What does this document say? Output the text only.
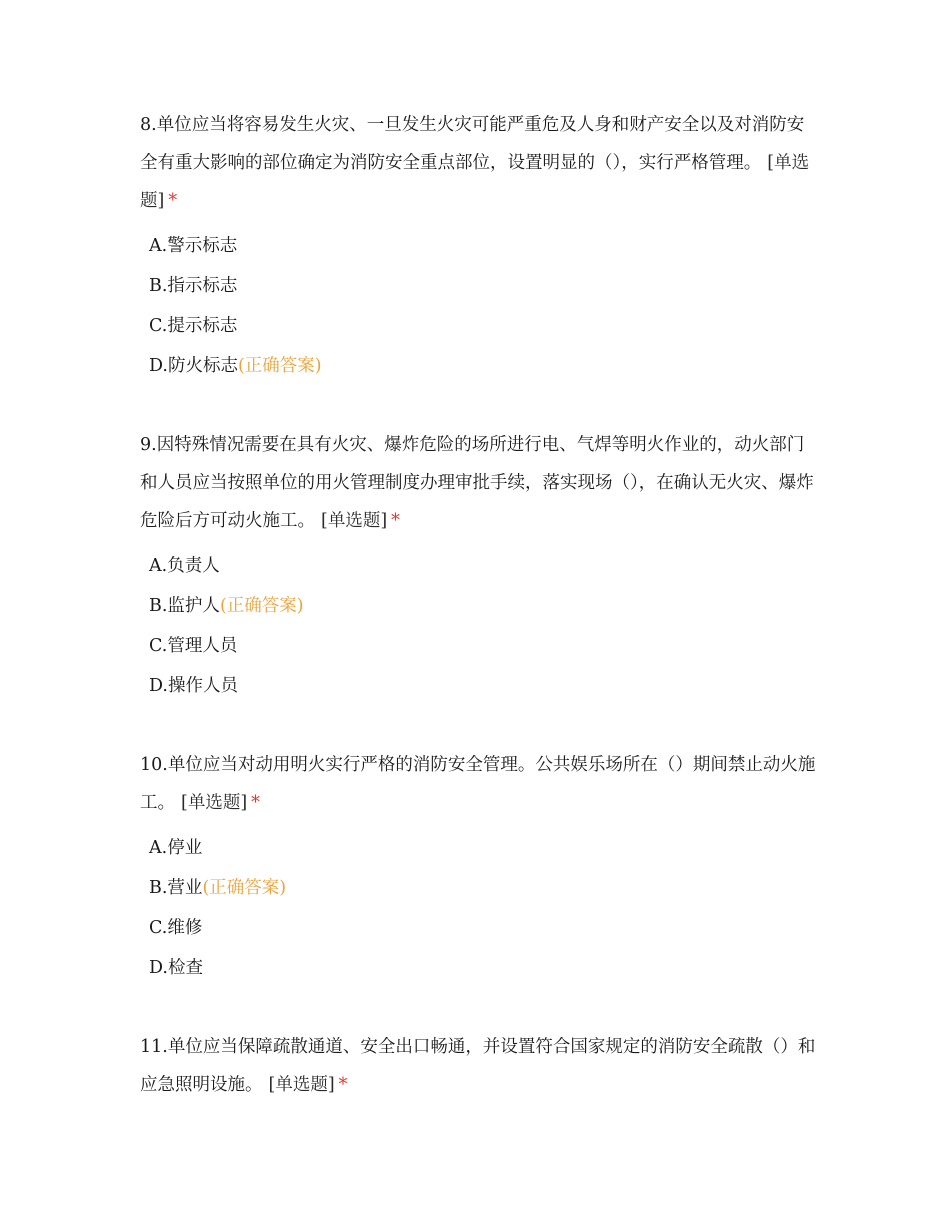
8.单位应当将容易发生火灾、一旦发生火灾可能严重危及人身和财产安全以及对消防安全有重大影响的部位确定为消防安全重点部位，设置明显的（），实行严格管理。 [单选题] *

A.警示标志
B.指示标志
C.提示标志
D.防火标志(正确答案)

9.因特殊情况需要在具有火灾、爆炸危险的场所进行电、气焊等明火作业的，动火部门和人员应当按照单位的用火管理制度办理审批手续，落实现场（），在确认无火灾、爆炸危险后方可动火施工。 [单选题] *

A.负责人
B.监护人(正确答案)
C.管理人员
D.操作人员

10.单位应当对动用明火实行严格的消防安全管理。公共娱乐场所在（）期间禁止动火施工。 [单选题] *

A.停业
B.营业(正确答案)
C.维修
D.检查

11.单位应当保障疏散通道、安全出口畅通，并设置符合国家规定的消防安全疏散（）和应急照明设施。 [单选题] *
